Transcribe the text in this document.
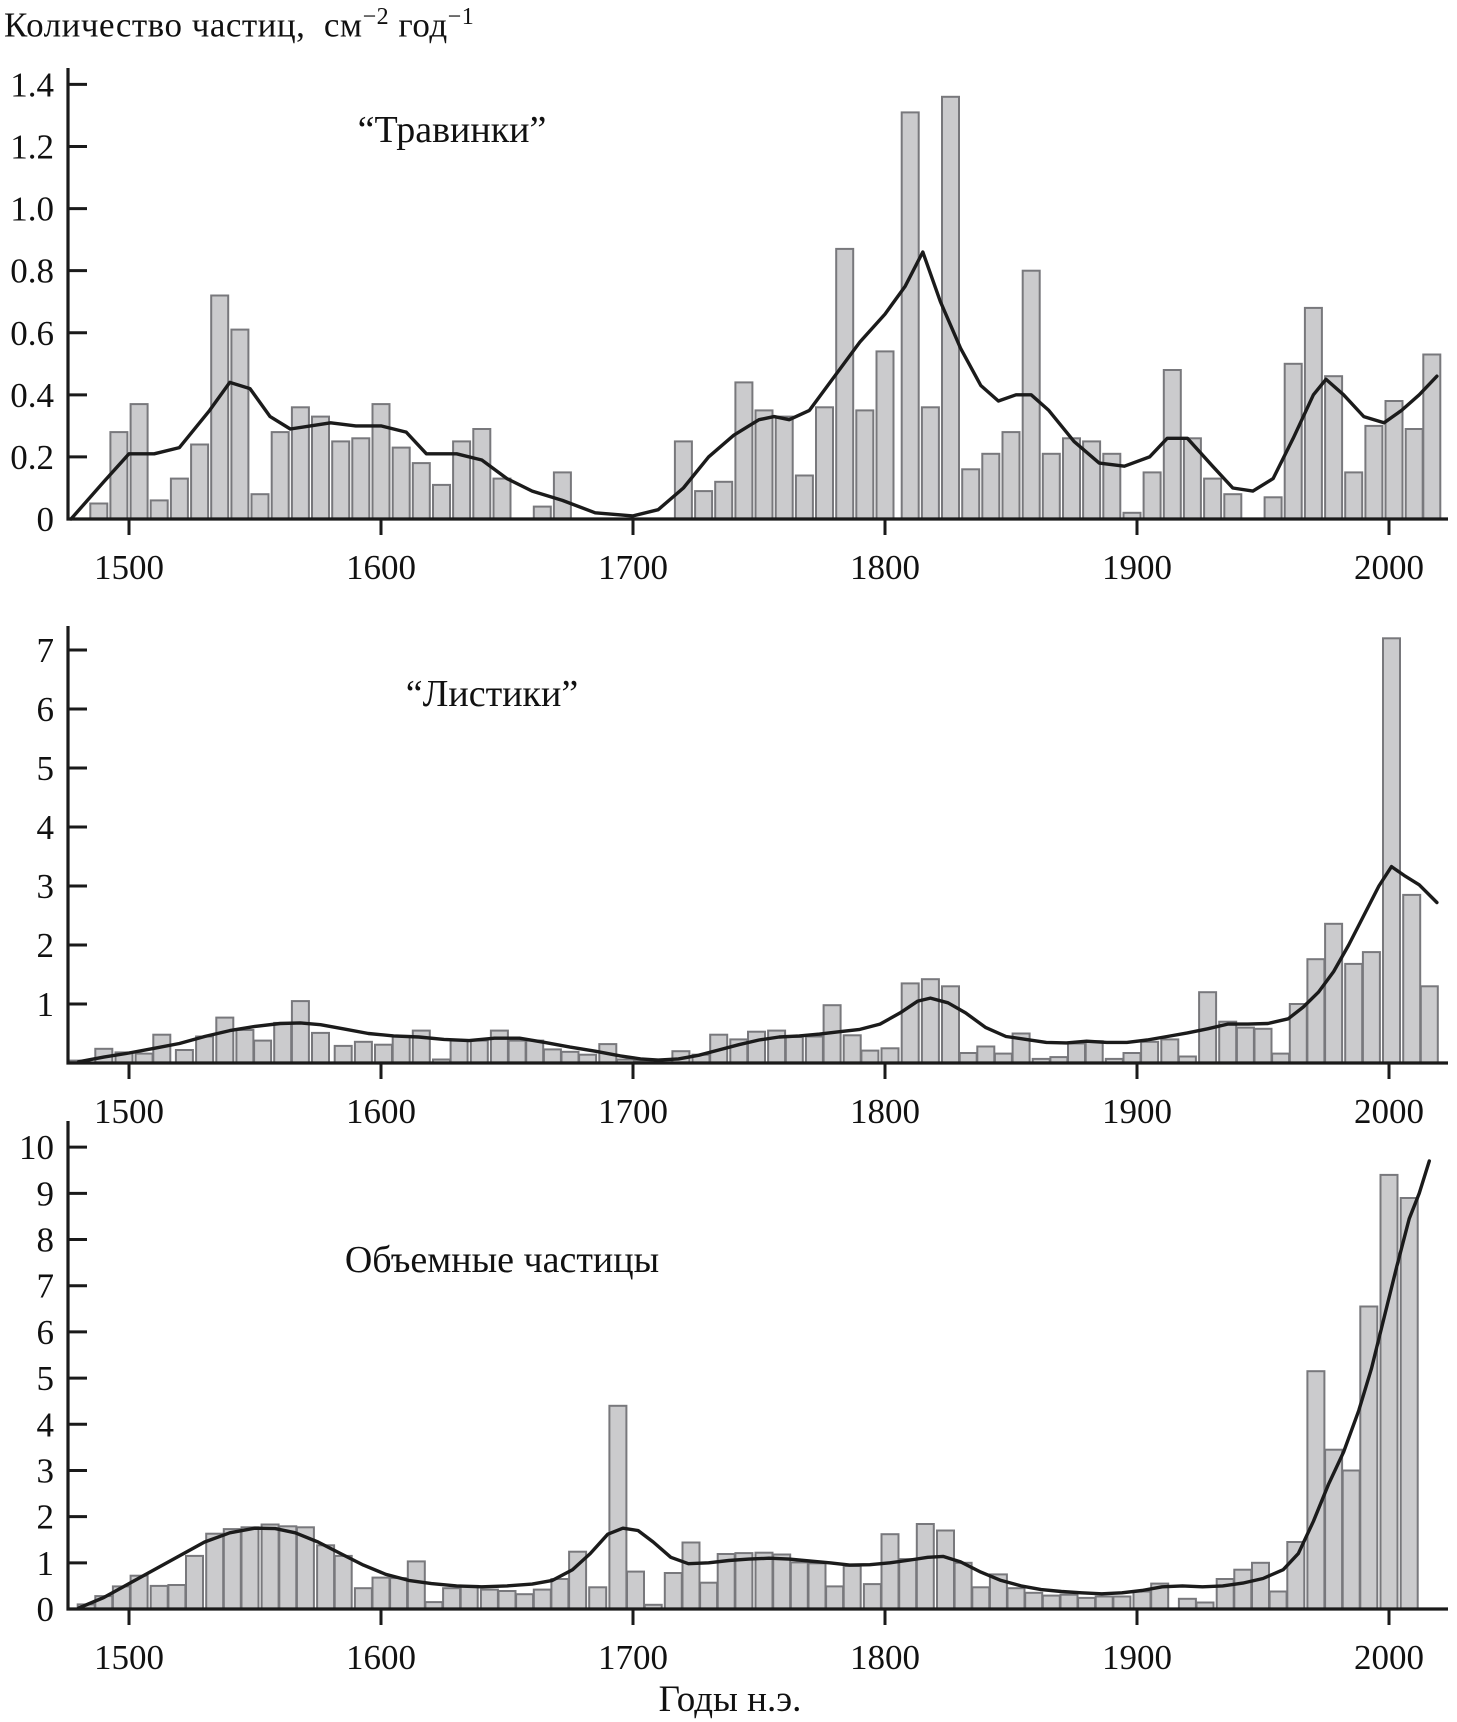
Количество частиц,  $см^{-2}$ год$^{-1}$
“Травинки”
“Листики”
Объемные частицы
0
0.2
0.4
0.6
0.8
1.0
1.2
1.4
1500	1600	1700	1800	1900	2000
1
2
3
4
5
6
7
1500	1600	1700	1800	1900	2000
0
1
2
3
4
5
6
7
8
9
10
1500	1600	1700	1800	1900	2000
Годы н.э.
